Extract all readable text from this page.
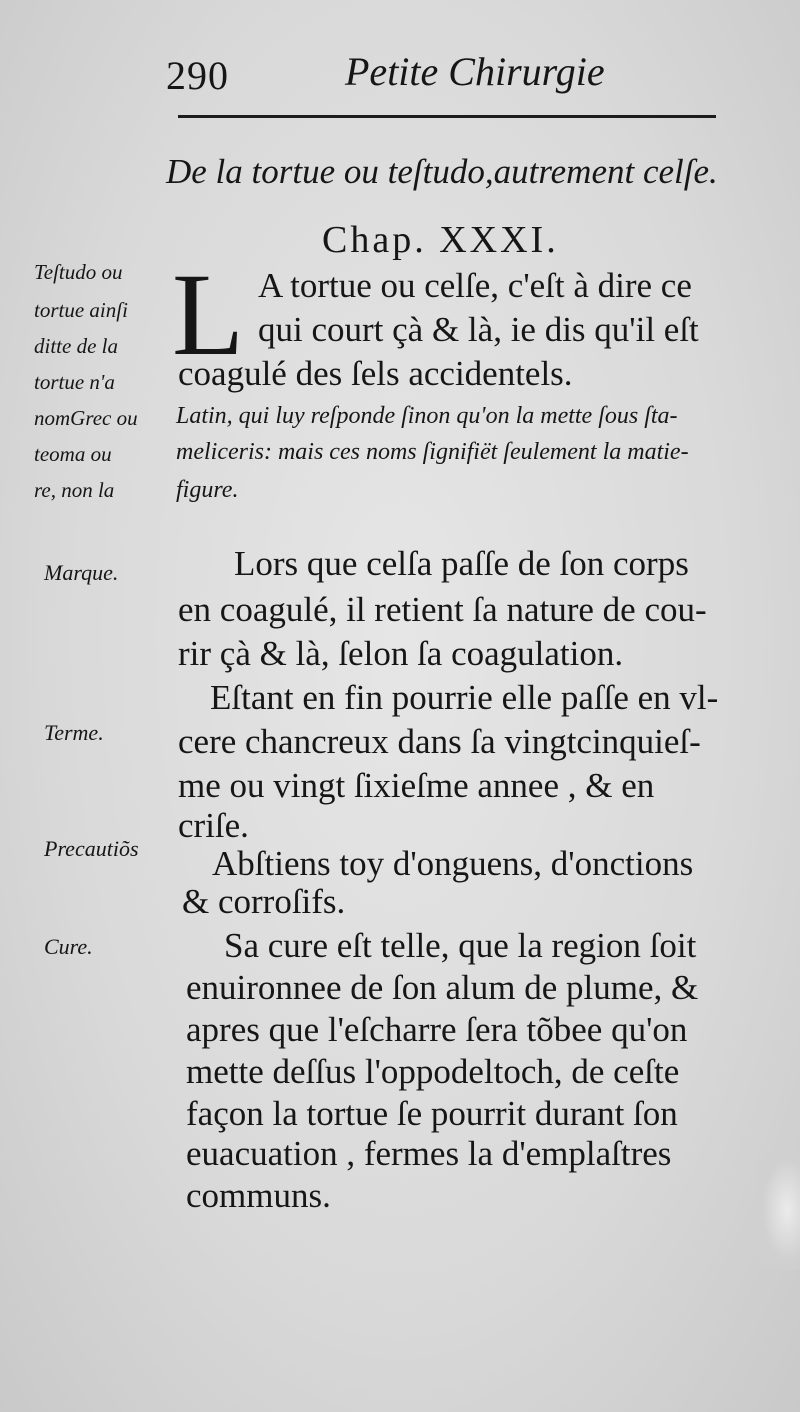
290	Petite Chirurgie
De la tortue ou teſtudo,autrement celſe.
Chap. XXXI.
Teſtudo ou
tortue ainſi
ditte de la
tortue n'a
nomGrec ou
teoma ou
re, non la
L A tortue ou celſe, c'eſt à dire ce
qui court çà & là, ie dis qu'il eſt
coagulé des ſels accidentels.
Latin, qui luy reſponde ſinon qu'on la mette ſous ſta-
meliceris: mais ces noms ſignifiët ſeulement la matie-
figure.
Marque.
Terme.
Precautiõs
Cure.
Lors que celſa paſſe de ſon corps
en coagulé, il retient ſa nature de cou-
rir çà & là, ſelon ſa coagulation.
Eſtant en fin pourrie elle paſſe en vl-
cere chancreux dans ſa vingtcinquieſ-
me ou vingt ſixieſme annee , & en
criſe.
Abſtiens toy d'onguens, d'onctions
& corroſifs.
Sa cure eſt telle, que la region ſoit
enuironnee de ſon alum de plume, &
apres que l'eſcharre ſera tõbee qu'on
mette deſſus l'oppodeltoch, de ceſte
façon la tortue ſe pourrit durant ſon
euacuation , fermes la d'emplaſtres
communs.
